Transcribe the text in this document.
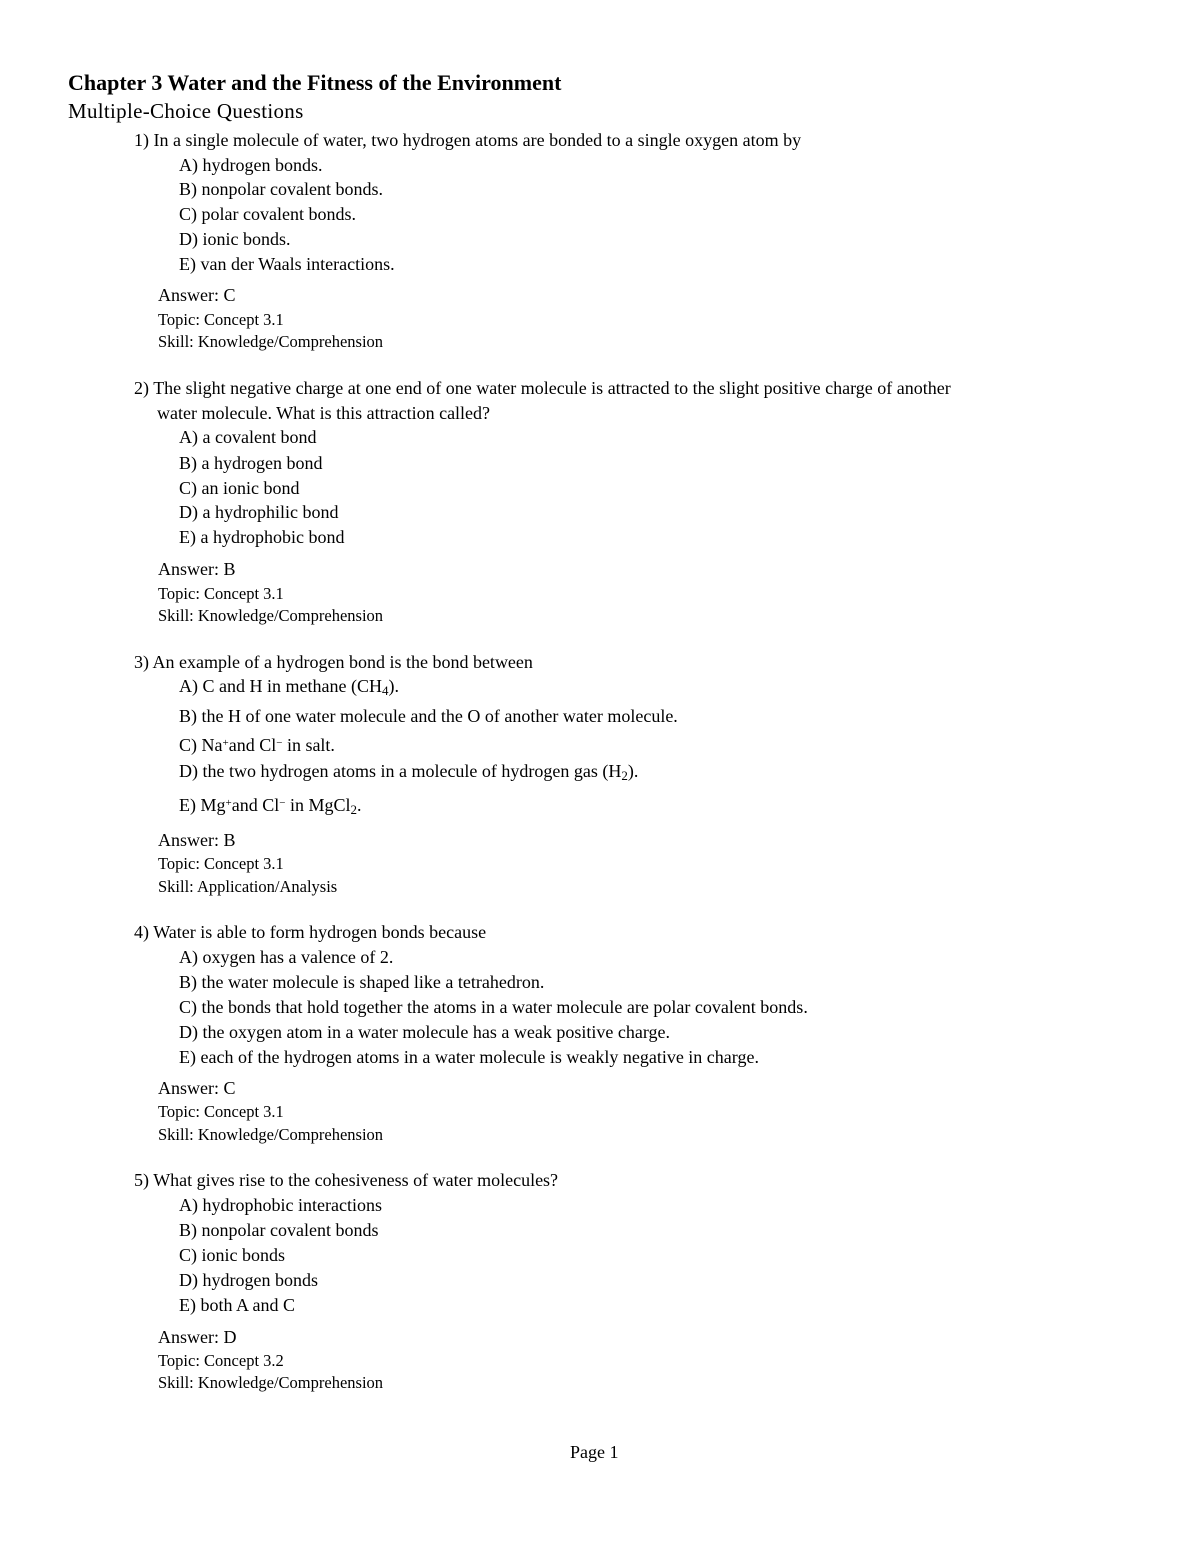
Chapter 3 Water and the Fitness of the Environment
Multiple-Choice Questions
1) In a single molecule of water, two hydrogen atoms are bonded to a single oxygen atom by
A) hydrogen bonds.
B) nonpolar covalent bonds.
C) polar covalent bonds.
D) ionic bonds.
E) van der Waals interactions.
Answer: C
Topic: Concept 3.1
Skill: Knowledge/Comprehension
2) The slight negative charge at one end of one water molecule is attracted to the slight positive charge of another
water molecule. What is this attraction called?
A) a covalent bond
B) a hydrogen bond
C) an ionic bond
D) a hydrophilic bond
E) a hydrophobic bond
Answer: B
Topic: Concept 3.1
Skill: Knowledge/Comprehension
3) An example of a hydrogen bond is the bond between
A) C and H in methane $(CH_4)$.
B) the H of one water molecule and the O of another water molecule.
C) Na+and Cl− in salt.
D) the two hydrogen atoms in a molecule of hydrogen gas $(H_2)$.
E) Mg+and Cl− in MgCl$_2$.
Answer: B
Topic: Concept 3.1
Skill: Application/Analysis
4) Water is able to form hydrogen bonds because
A) oxygen has a valence of 2.
B) the water molecule is shaped like a tetrahedron.
C) the bonds that hold together the atoms in a water molecule are polar covalent bonds.
D) the oxygen atom in a water molecule has a weak positive charge.
E) each of the hydrogen atoms in a water molecule is weakly negative in charge.
Answer: C
Topic: Concept 3.1
Skill: Knowledge/Comprehension
5) What gives rise to the cohesiveness of water molecules?
A) hydrophobic interactions
B) nonpolar covalent bonds
C) ionic bonds
D) hydrogen bonds
E) both A and C
Answer: D
Topic: Concept 3.2
Skill: Knowledge/Comprehension
Page 1
